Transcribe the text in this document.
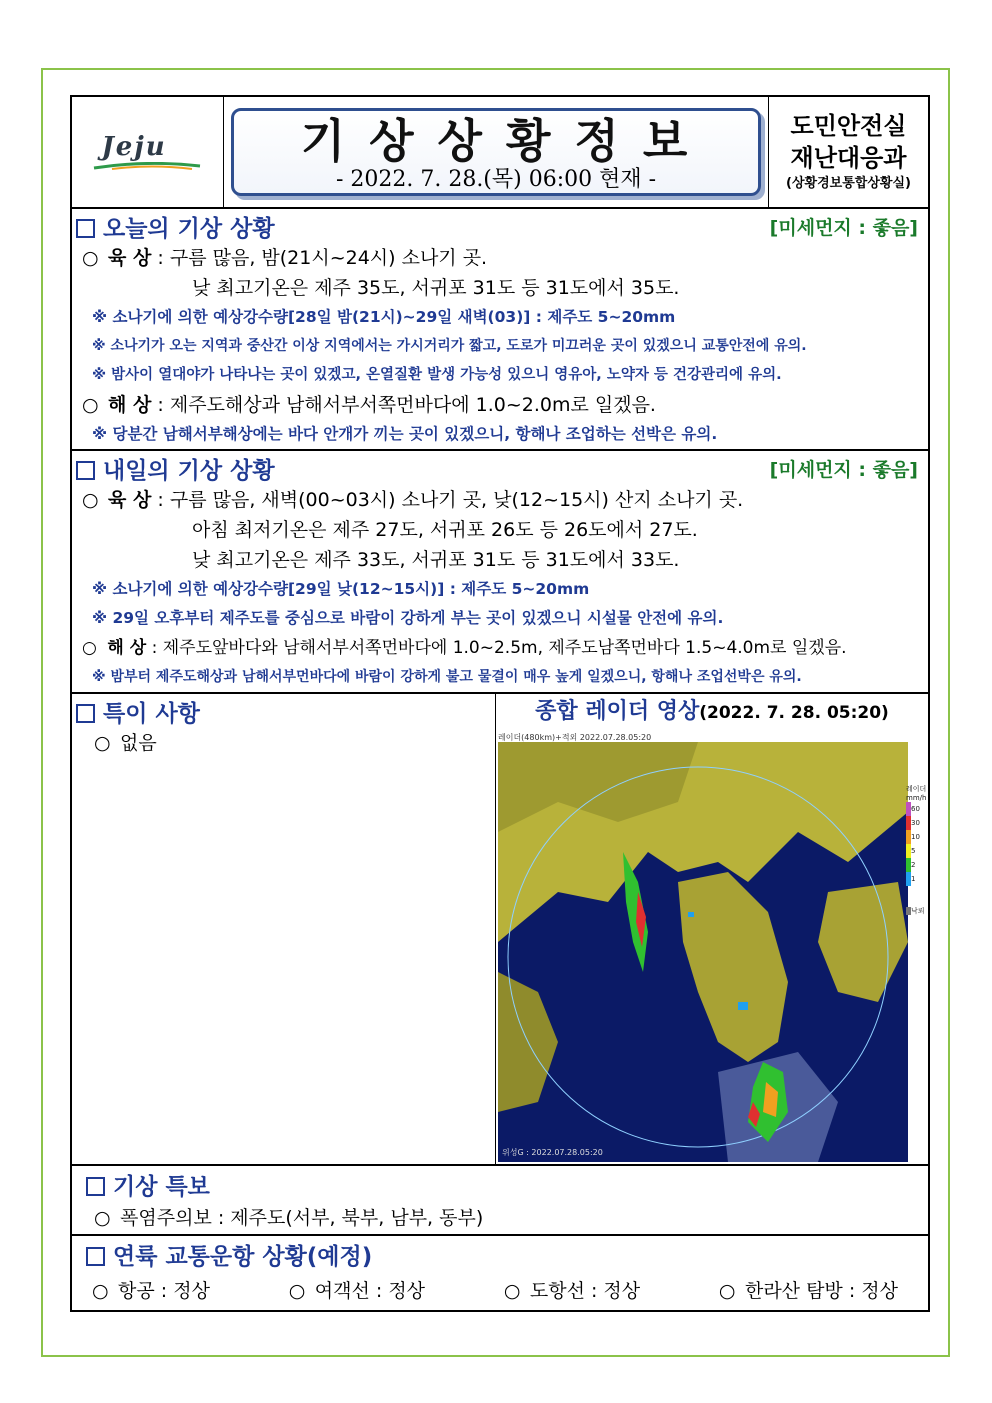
Jeju	기상상황정보
- 2022. 7. 28.(목) 06:00 현재 -
도민안전실
재난대응과
(상황경보통합상황실)
오늘의 기상 상황	[미세먼지 : 좋음]
○ 육 상 : 구름 많음, 밤(21시~24시) 소나기 곳.
낮 최고기온은 제주 35도, 서귀포 31도 등 31도에서 35도.
※ 소나기에 의한 예상강수량[28일 밤(21시)~29일 새벽(03)] : 제주도 5~20mm
※ 소나기가 오는 지역과 중산간 이상 지역에서는 가시거리가 짧고, 도로가 미끄러운 곳이 있겠으니 교통안전에 유의.
※ 밤사이 열대야가 나타나는 곳이 있겠고, 온열질환 발생 가능성 있으니 영유아, 노약자 등 건강관리에 유의.
○ 해 상 : 제주도해상과 남해서부서쪽먼바다에 1.0~2.0m로 일겠음.
※ 당분간 남해서부해상에는 바다 안개가 끼는 곳이 있겠으니, 항해나 조업하는 선박은 유의.
내일의 기상 상황	[미세먼지 : 좋음]
○ 육 상 : 구름 많음, 새벽(00~03시) 소나기 곳, 낮(12~15시) 산지 소나기 곳.
아침 최저기온은 제주 27도, 서귀포 26도 등 26도에서 27도.
낮 최고기온은 제주 33도, 서귀포 31도 등 31도에서 33도.
※ 소나기에 의한 예상강수량[29일 낮(12~15시)] : 제주도 5~20mm
※ 29일 오후부터 제주도를 중심으로 바람이 강하게 부는 곳이 있겠으니 시설물 안전에 유의.
○ 해 상 : 제주도앞바다와 남해서부서쪽먼바다에 1.0~2.5m, 제주도남쪽먼바다 1.5~4.0m로 일겠음.
※ 밤부터 제주도해상과 남해서부먼바다에 바람이 강하게 불고 물결이 매우 높게 일겠으니, 항해나 조업선박은 유의.
특이 사항
○ 없음
종합 레이더 영상(2022. 7. 28. 05:20)
레이더(480km)+적외 2022.07.28.05:20
위성G : 2022.07.28.05:20
레이더
mm/h
60
30
10
5
2
1
낙뢰
기상 특보
○ 폭염주의보 : 제주도(서부, 북부, 남부, 동부)
연륙 교통운항 상황(예정)
○ 항공 : 정상	○ 여객선 : 정상	○ 도항선 : 정상	○ 한라산 탐방 : 정상
